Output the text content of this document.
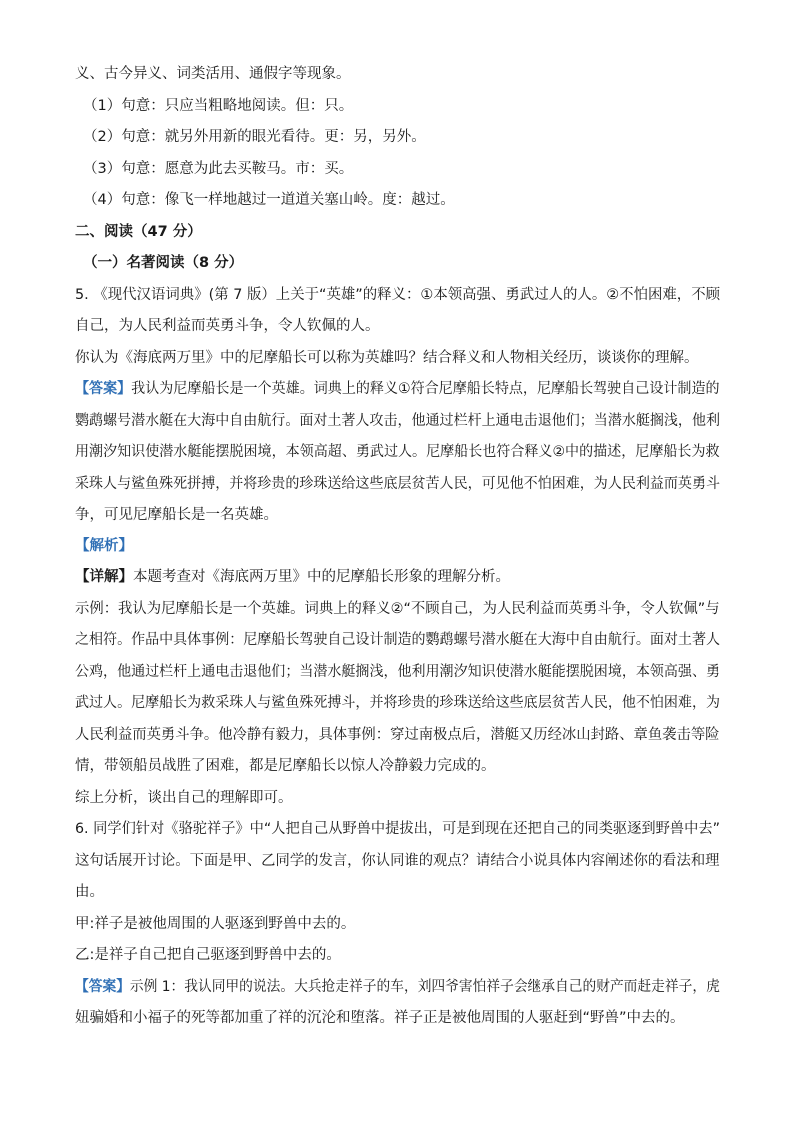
义、古今异义、词类活用、通假字等现象。
（1）句意：只应当粗略地阅读。但：只。
（2）句意：就另外用新的眼光看待。更：另，另外。
（3）句意：愿意为此去买鞍马。市：买。
（4）句意：像飞一样地越过一道道关塞山岭。度：越过。
二、阅读（47 分）
（一）名著阅读（8 分）
5. 《现代汉语词典》(第 7 版）上关于“英雄”的释义：①本领高强、勇武过人的人。②不怕困难，不顾
自己，为人民利益而英勇斗争，令人钦佩的人。
你认为《海底两万里》中的尼摩船长可以称为英雄吗？结合释义和人物相关经历，谈谈你的理解。
【答案】我认为尼摩船长是一个英雄。词典上的释义①符合尼摩船长特点，尼摩船长驾驶自己设计制造的
鹦鹉螺号潜水艇在大海中自由航行。面对土著人攻击，他通过栏杆上通电击退他们；当潜水艇搁浅，他利
用潮汐知识使潜水艇能摆脱困境，本领高超、勇武过人。尼摩船长也符合释义②中的描述，尼摩船长为救
采珠人与鲨鱼殊死拼搏，并将珍贵的珍珠送给这些底层贫苦人民，可见他不怕困难，为人民利益而英勇斗
争，可见尼摩船长是一名英雄。
【解析】
【详解】本题考查对《海底两万里》中的尼摩船长形象的理解分析。
示例：我认为尼摩船长是一个英雄。词典上的释义②“不顾自己，为人民利益而英勇斗争，令人钦佩”与
之相符。作品中具体事例：尼摩船长驾驶自己设计制造的鹦鹉螺号潜水艇在大海中自由航行。面对土著人
公鸡，他通过栏杆上通电击退他们；当潜水艇搁浅，他利用潮汐知识使潜水艇能摆脱困境，本领高强、勇
武过人。尼摩船长为救采珠人与鲨鱼殊死搏斗，并将珍贵的珍珠送给这些底层贫苦人民，他不怕困难，为
人民利益而英勇斗争。他冷静有毅力，具体事例：穿过南极点后，潜艇又历经冰山封路、章鱼袭击等险
情，带领船员战胜了困难，都是尼摩船长以惊人冷静毅力完成的。
综上分析，谈出自己的理解即可。
6. 同学们针对《骆驼祥子》中“人把自己从野兽中提拔出，可是到现在还把自己的同类驱逐到野兽中去”
这句话展开讨论。下面是甲、乙同学的发言，你认同谁的观点？请结合小说具体内容阐述你的看法和理
由。
甲:祥子是被他周围的人驱逐到野兽中去的。
乙:是祥子自己把自己驱逐到野兽中去的。
【答案】示例 1：我认同甲的说法。大兵抢走祥子的车，刘四爷害怕祥子会继承自己的财产而赶走祥子，虎
妞骗婚和小福子的死等都加重了祥的沉沦和堕落。祥子正是被他周围的人驱赶到“野兽”中去的。
